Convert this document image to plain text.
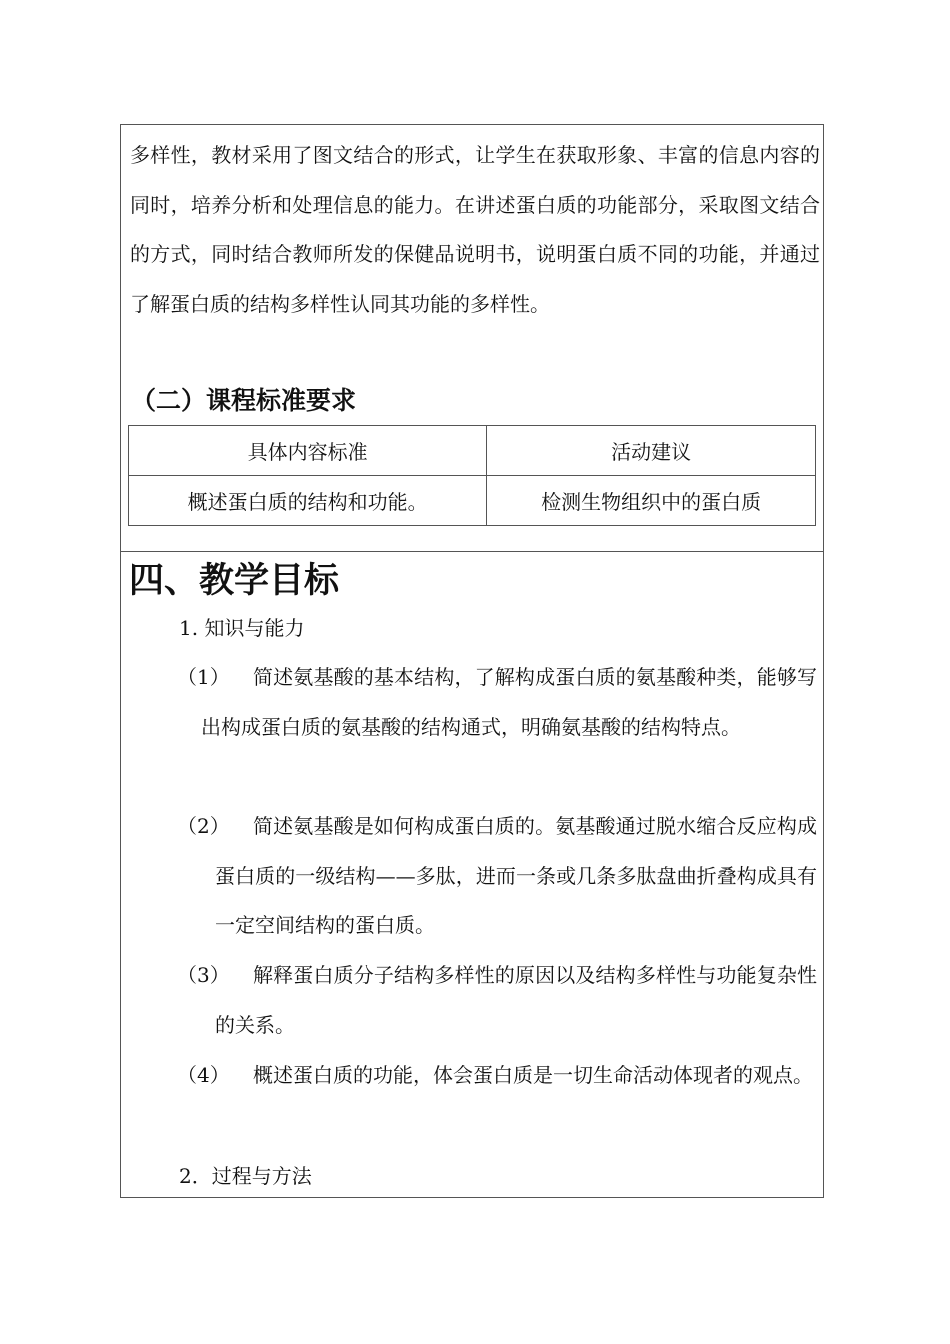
多样性，教材采用了图文结合的形式，让学生在获取形象、丰富的信息内容的同时，培养分析和处理信息的能力。在讲述蛋白质的功能部分，采取图文结合的方式，同时结合教师所发的保健品说明书，说明蛋白质不同的功能，并通过了解蛋白质的结构多样性认同其功能的多样性。

（二）课程标准要求
具体内容标准	活动建议
概述蛋白质的结构和功能。	检测生物组织中的蛋白质
四、教学目标

1. 知识与能力

（1）	简述氨基酸的基本结构，了解构成蛋白质的氨基酸种类，能够写出构成蛋白质的氨基酸的结构通式，明确氨基酸的结构特点。
（2）	简述氨基酸是如何构成蛋白质的。氨基酸通过脱水缩合反应构成蛋白质的一级结构——多肽，进而一条或几条多肽盘曲折叠构成具有一定空间结构的蛋白质。
（3）	解释蛋白质分子结构多样性的原因以及结构多样性与功能复杂性的关系。
（4）	概述蛋白质的功能，体会蛋白质是一切生命活动体现者的观点。

2．过程与方法
